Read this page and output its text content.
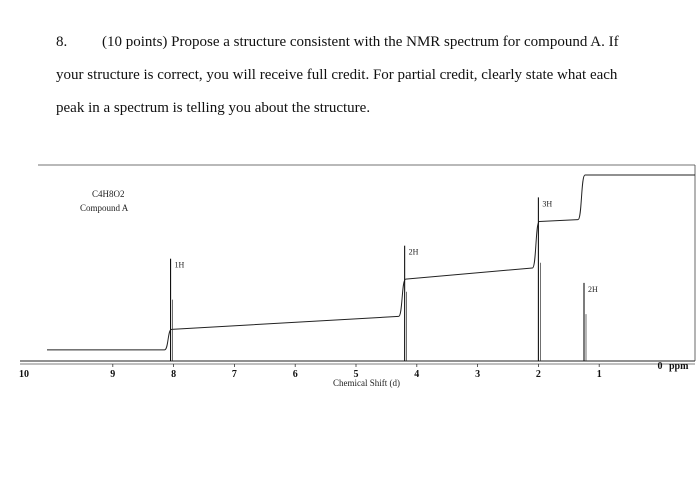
8. (10 points) Propose a structure consistent with the NMR spectrum for compound A. If
your structure is correct, you will receive full credit. For partial credit, clearly state what each
peak in a spectrum is telling you about the structure.
C4H8O2
Compound A
1H
2H
3H
2H
10	9	8	7	6	5	4	3	2	1
0
Chemical Shift (d)
ppm
